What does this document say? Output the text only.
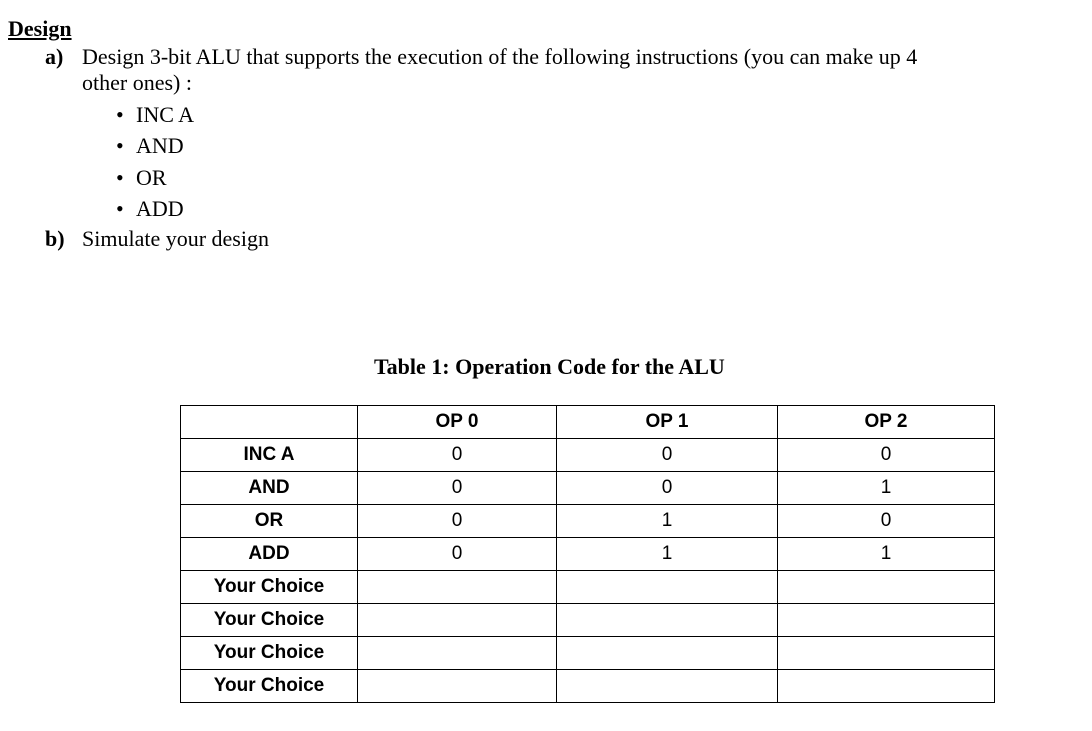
Design
a) Design 3-bit ALU that supports the execution of the following instructions (you can make up 4
other ones) :
• INC A
• AND
• OR
• ADD
b) Simulate your design
Table 1: Operation Code for the ALU
	OP 0	OP 1	OP 2
INC A	0	0	0
AND	0	0	1
OR	0	1	0
ADD	0	1	1
Your Choice			
Your Choice			
Your Choice			
Your Choice			
